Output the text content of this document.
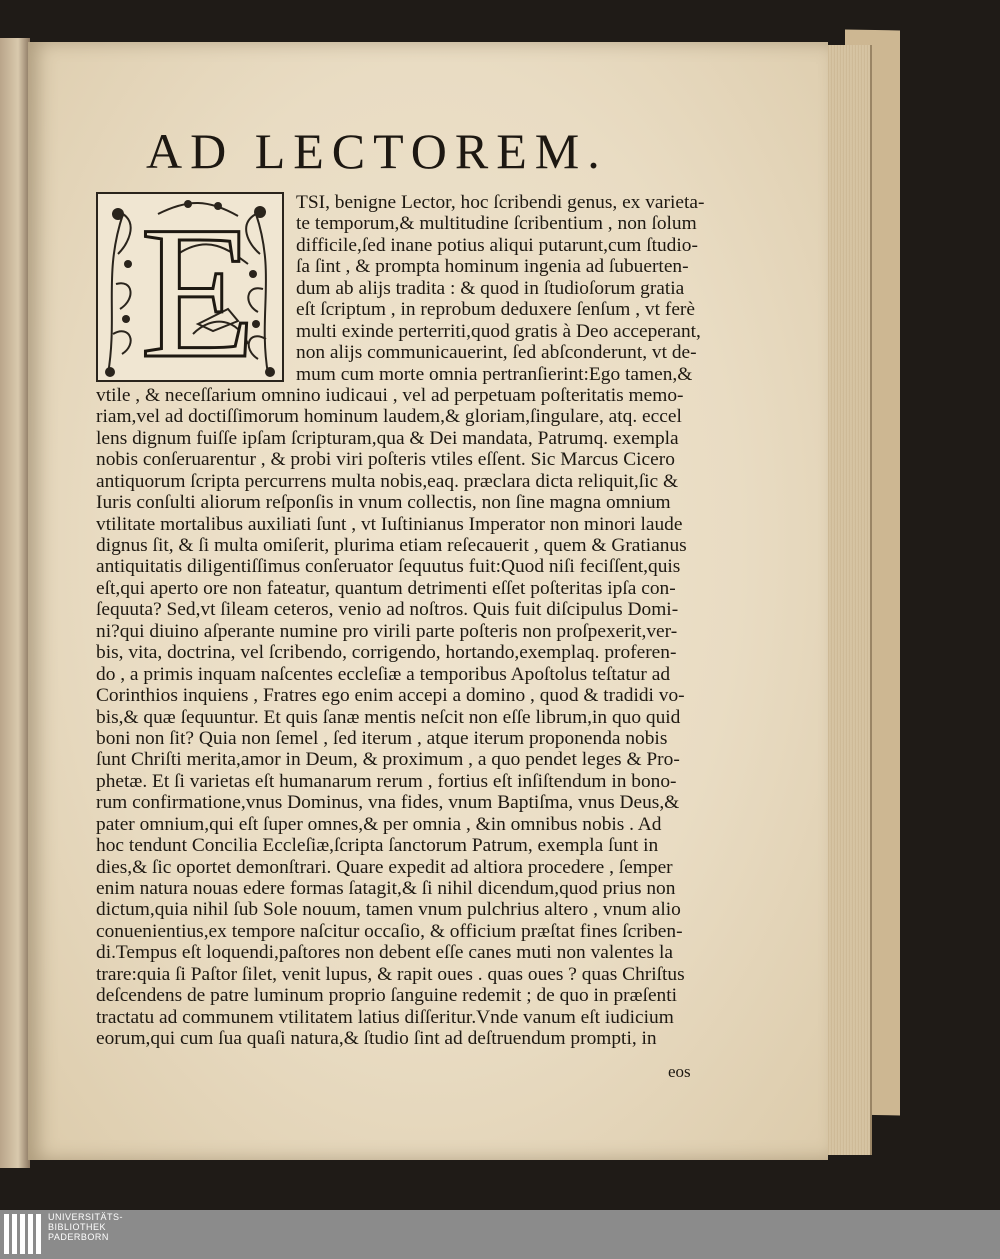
AD LECTOREM.
E	TSI, benigne Lector, hoc ſcribendi genus, ex varieta-
te temporum,& multitudine ſcribentium , non ſolum
difficile,ſed inane potius aliqui putarunt,cum ſtudio-
ſa ſint , & prompta hominum ingenia ad ſubuerten-
dum ab alijs tradita : & quod in ſtudioſorum gratia
eſt ſcriptum , in reprobum deduxere ſenſum , vt ferè
multi exinde perterriti,quod gratis à Deo acceperant,
non alijs communicauerint, ſed abſconderunt, vt de-
mum cum morte omnia pertranſierint:Ego tamen,&
vtile , & neceſſarium omnino iudicaui , vel ad perpetuam poſteritatis memo-
riam,vel ad doctiſſimorum hominum laudem,& gloriam,ſingulare, atq. eccel
lens dignum fuiſſe ipſam ſcripturam,qua & Dei mandata, Patrumq. exempla
nobis conſeruarentur , & probi viri poſteris vtiles eſſent. Sic Marcus Cicero
antiquorum ſcripta percurrens multa nobis,eaq. præclara dicta reliquit,ſic &
Iuris conſulti aliorum reſponſis in vnum collectis, non ſine magna omnium
vtilitate mortalibus auxiliati ſunt , vt Iuſtinianus Imperator non minori laude
dignus ſit, & ſi multa omiſerit, plurima etiam reſecauerit , quem & Gratianus
antiquitatis diligentiſſimus conſeruator ſequutus fuit:Quod niſi feciſſent,quis
eſt,qui aperto ore non fateatur, quantum detrimenti eſſet poſteritas ipſa con-
ſequuta? Sed,vt ſileam ceteros, venio ad noſtros. Quis fuit diſcipulus Domi-
ni?qui diuino aſperante numine pro virili parte poſteris non proſpexerit,ver-
bis, vita, doctrina, vel ſcribendo, corrigendo, hortando,exemplaq. proferen-
do , a primis inquam naſcentes eccleſiæ a temporibus Apoſtolus teſtatur ad
Corinthios inquiens , Fratres ego enim accepi a domino , quod & tradidi vo-
bis,& quæ ſequuntur. Et quis ſanæ mentis neſcit non eſſe librum,in quo quid
boni non ſit? Quia non ſemel , ſed iterum , atque iterum proponenda nobis
ſunt Chriſti merita,amor in Deum, & proximum , a quo pendet leges & Pro-
phetæ. Et ſi varietas eſt humanarum rerum , fortius eſt inſiſtendum in bono-
rum confirmatione,vnus Dominus, vna fides, vnum Baptiſma, vnus Deus,&
pater omnium,qui eſt ſuper omnes,& per omnia , &in omnibus nobis . Ad
hoc tendunt Concilia Eccleſiæ,ſcripta ſanctorum Patrum, exempla ſunt in
dies,& ſic oportet demonſtrari. Quare expedit ad altiora procedere , ſemper
enim natura nouas edere formas ſatagit,& ſi nihil dicendum,quod prius non
dictum,quia nihil ſub Sole nouum, tamen vnum pulchrius altero , vnum alio
conuenientius,ex tempore naſcitur occaſio, & officium præſtat fines ſcriben-
di.Tempus eſt loquendi,paſtores non debent eſſe canes muti non valentes la
trare:quia ſi Paſtor ſilet, venit lupus, & rapit oues . quas oues ? quas Chriſtus
deſcendens de patre luminum proprio ſanguine redemit ; de quo in præſenti
tractatu ad communem vtilitatem latius diſſeritur.Vnde vanum eſt iudicium
eorum,qui cum ſua quaſi natura,& ſtudio ſint ad deſtruendum prompti, in
eos
UNIVERSITÄTS-
BIBLIOTHEK
PADERBORN
